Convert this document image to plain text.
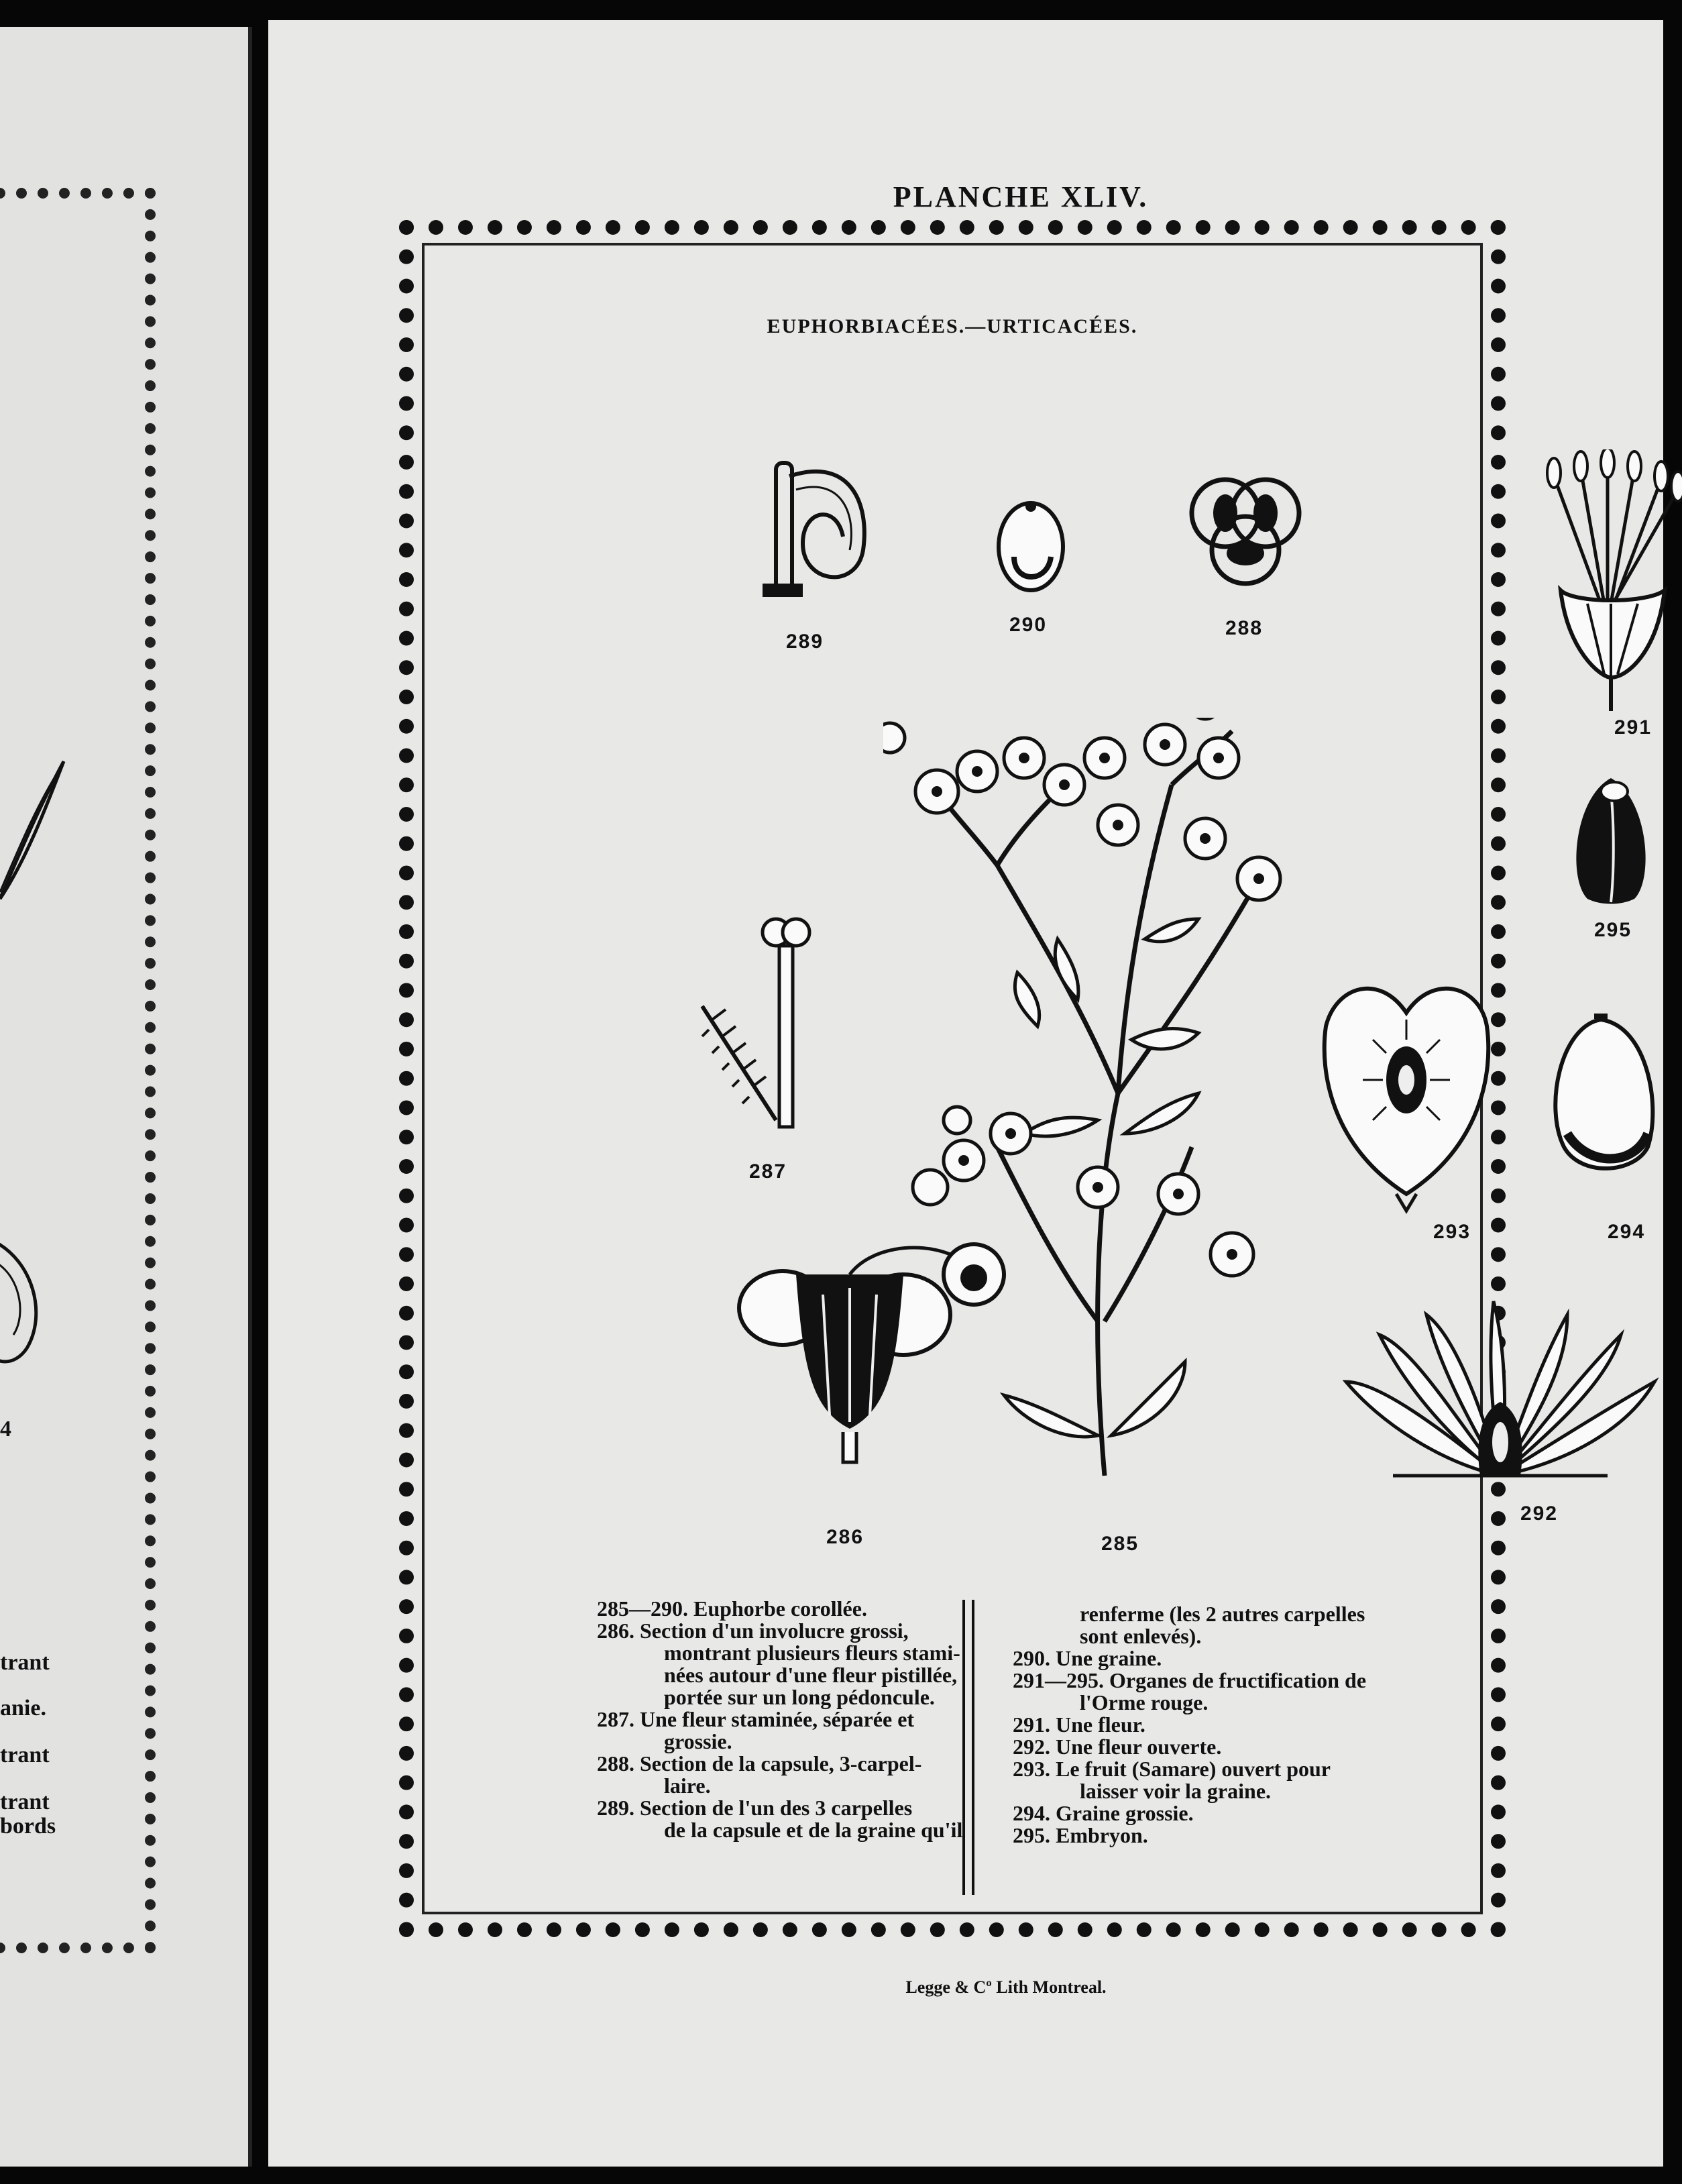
trant
anie.
trant
trant
bords
4
PLANCHE XLIV.
EUPHORBIACÉES.—URTICACÉES.
289
290	288
291
295
287
293	294
286	285
292
285—290. Euphorbe corollée.
286. Section d'un involucre grossi,
montrant plusieurs fleurs stami-
nées autour d'une fleur pistillée,
portée sur un long pédoncule.
287. Une fleur staminée, séparée et
grossie.
288. Section de la capsule, 3-carpel-
laire.
289. Section de l'un des 3 carpelles
de la capsule et de la graine qu'il
renferme (les 2 autres carpelles
sont enlevés).
290. Une graine.
291—295. Organes de fructification de
l'Orme rouge.
291. Une fleur.
292. Une fleur ouverte.
293. Le fruit (Samare) ouvert pour
laisser voir la graine.
294. Graine grossie.
295. Embryon.
Legge & Cº Lith Montreal.
